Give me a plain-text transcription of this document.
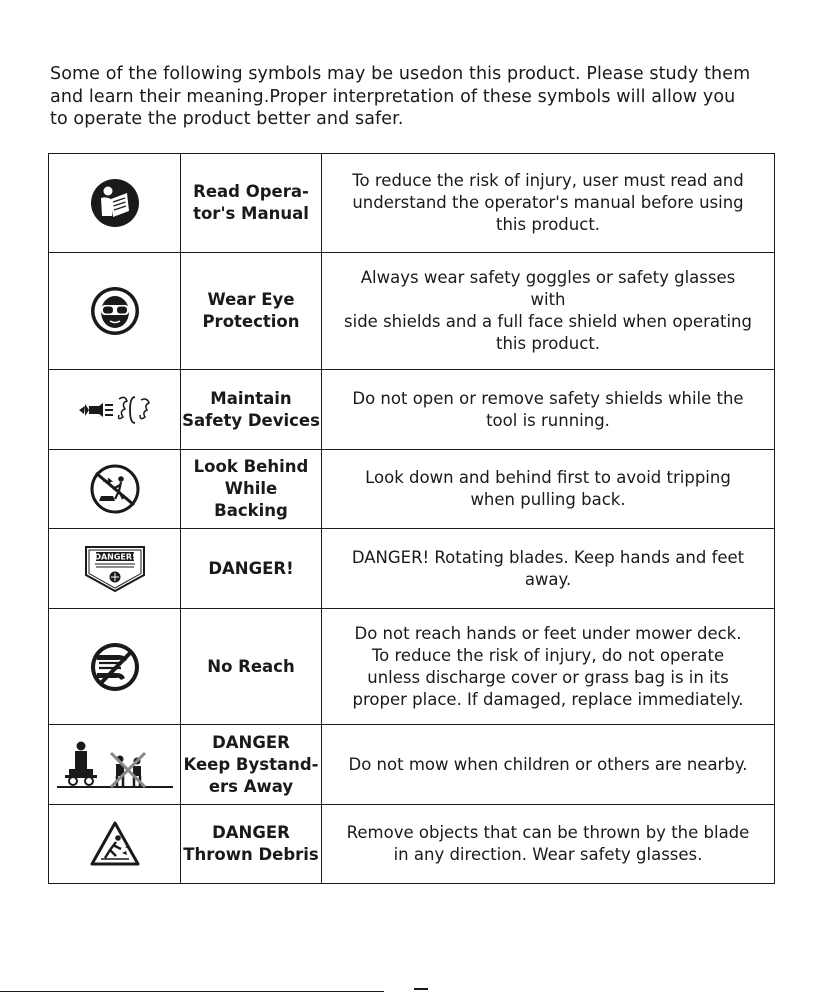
Some of the following symbols may be usedon this product. Please study them
and learn their meaning.Proper interpretation of these symbols will allow you
to operate the product better and safer.

	Read Opera-
tor's Manual	To reduce the risk of injury, user must read and
understand the operator's manual before using
this product.

	Wear Eye
Protection	Always wear safety goggles or safety glasses
with
side shields and a full face shield when operating
this product.

	Maintain
Safety Devices	Do not open or remove safety shields while the
tool is running.

	Look Behind
While
Backing	Look down and behind first to avoid tripping
when pulling back.

DANGER!	DANGER!	DANGER! Rotating blades. Keep hands and feet
away.

	No Reach	Do not reach hands or feet under mower deck.
To reduce the risk of injury, do not operate
unless discharge cover or grass bag is in its
proper place. If damaged, replace immediately.

	DANGER
Keep Bystand-
ers Away	Do not mow when children or others are nearby.

	DANGER
Thrown Debris	Remove objects that can be thrown by the blade
in any direction. Wear safety glasses.
